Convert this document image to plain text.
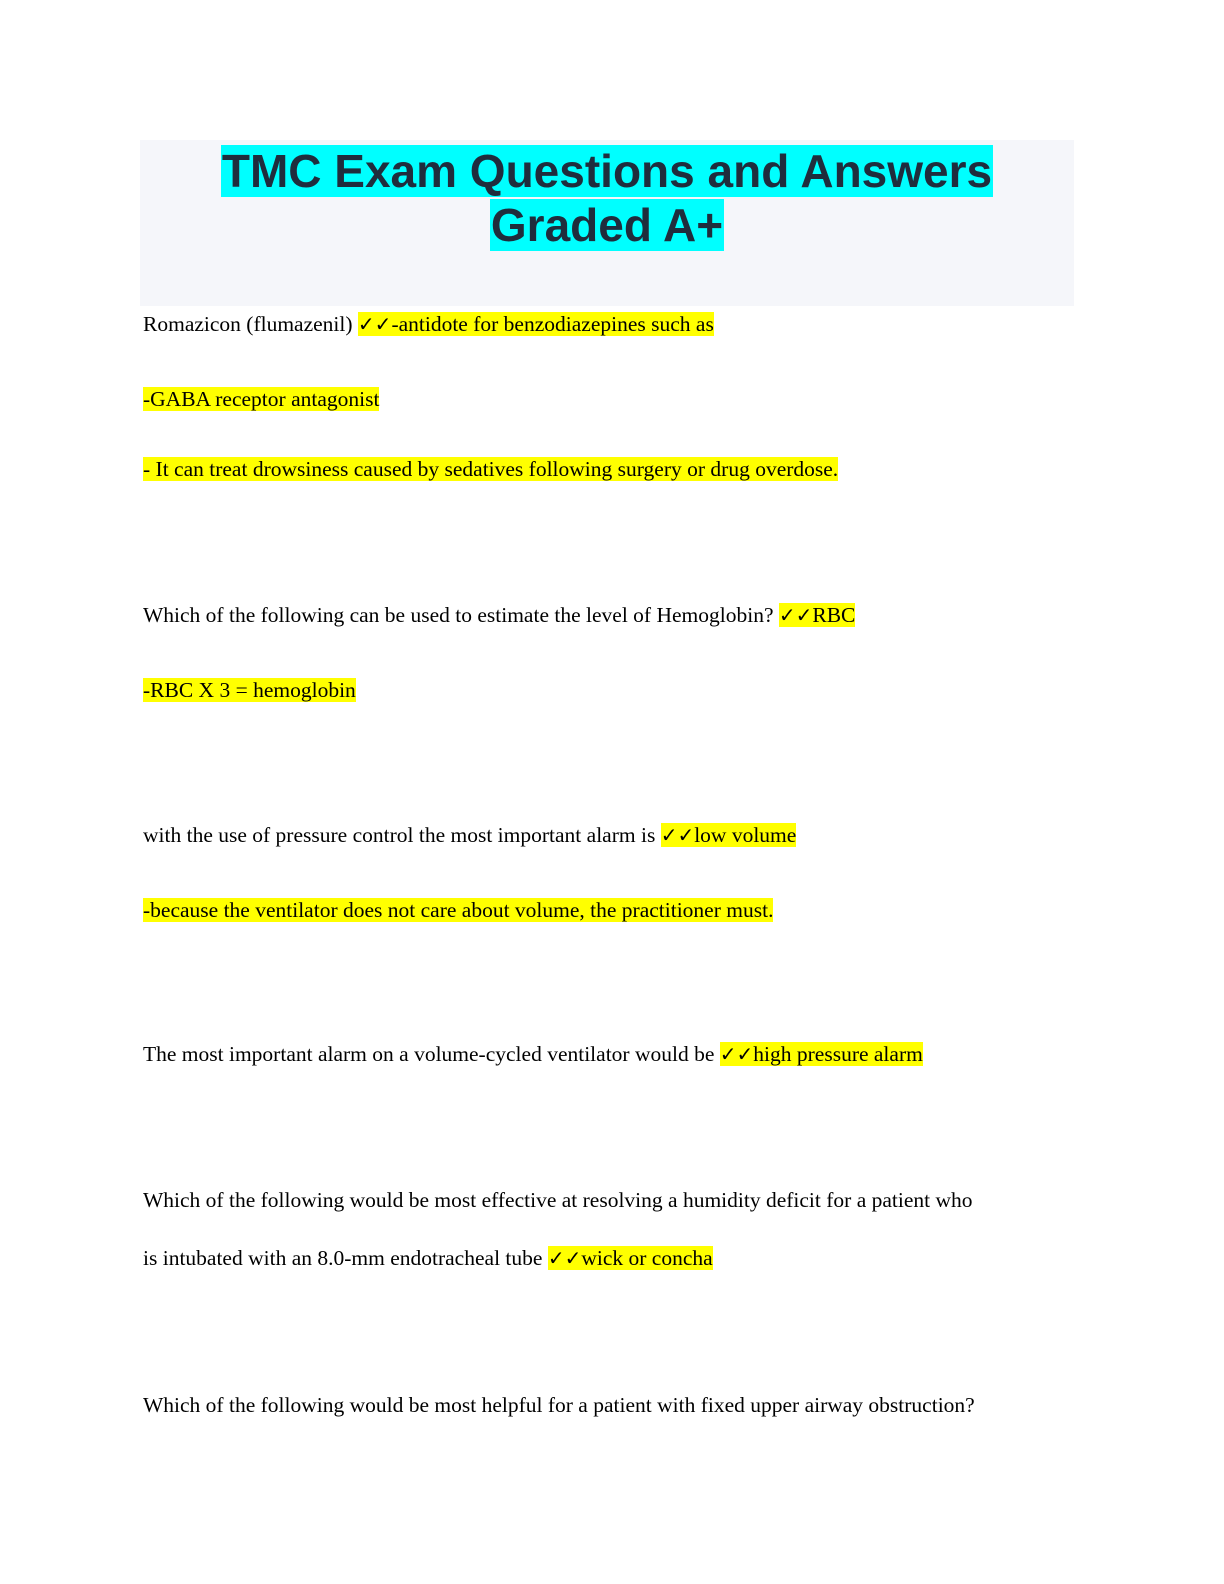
TMC Exam Questions and Answers
Graded A+
Romazicon (flumazenil) ✓✓-antidote for benzodiazepines such as
-GABA receptor antagonist
- It can treat drowsiness caused by sedatives following surgery or drug overdose.
Which of the following can be used to estimate the level of Hemoglobin? ✓✓RBC
-RBC X 3 = hemoglobin
with the use of pressure control the most important alarm is ✓✓low volume
-because the ventilator does not care about volume, the practitioner must.
The most important alarm on a volume-cycled ventilator would be ✓✓high pressure alarm
Which of the following would be most effective at resolving a humidity deficit for a patient who
is intubated with an 8.0-mm endotracheal tube ✓✓wick or concha
Which of the following would be most helpful for a patient with fixed upper airway obstruction?
